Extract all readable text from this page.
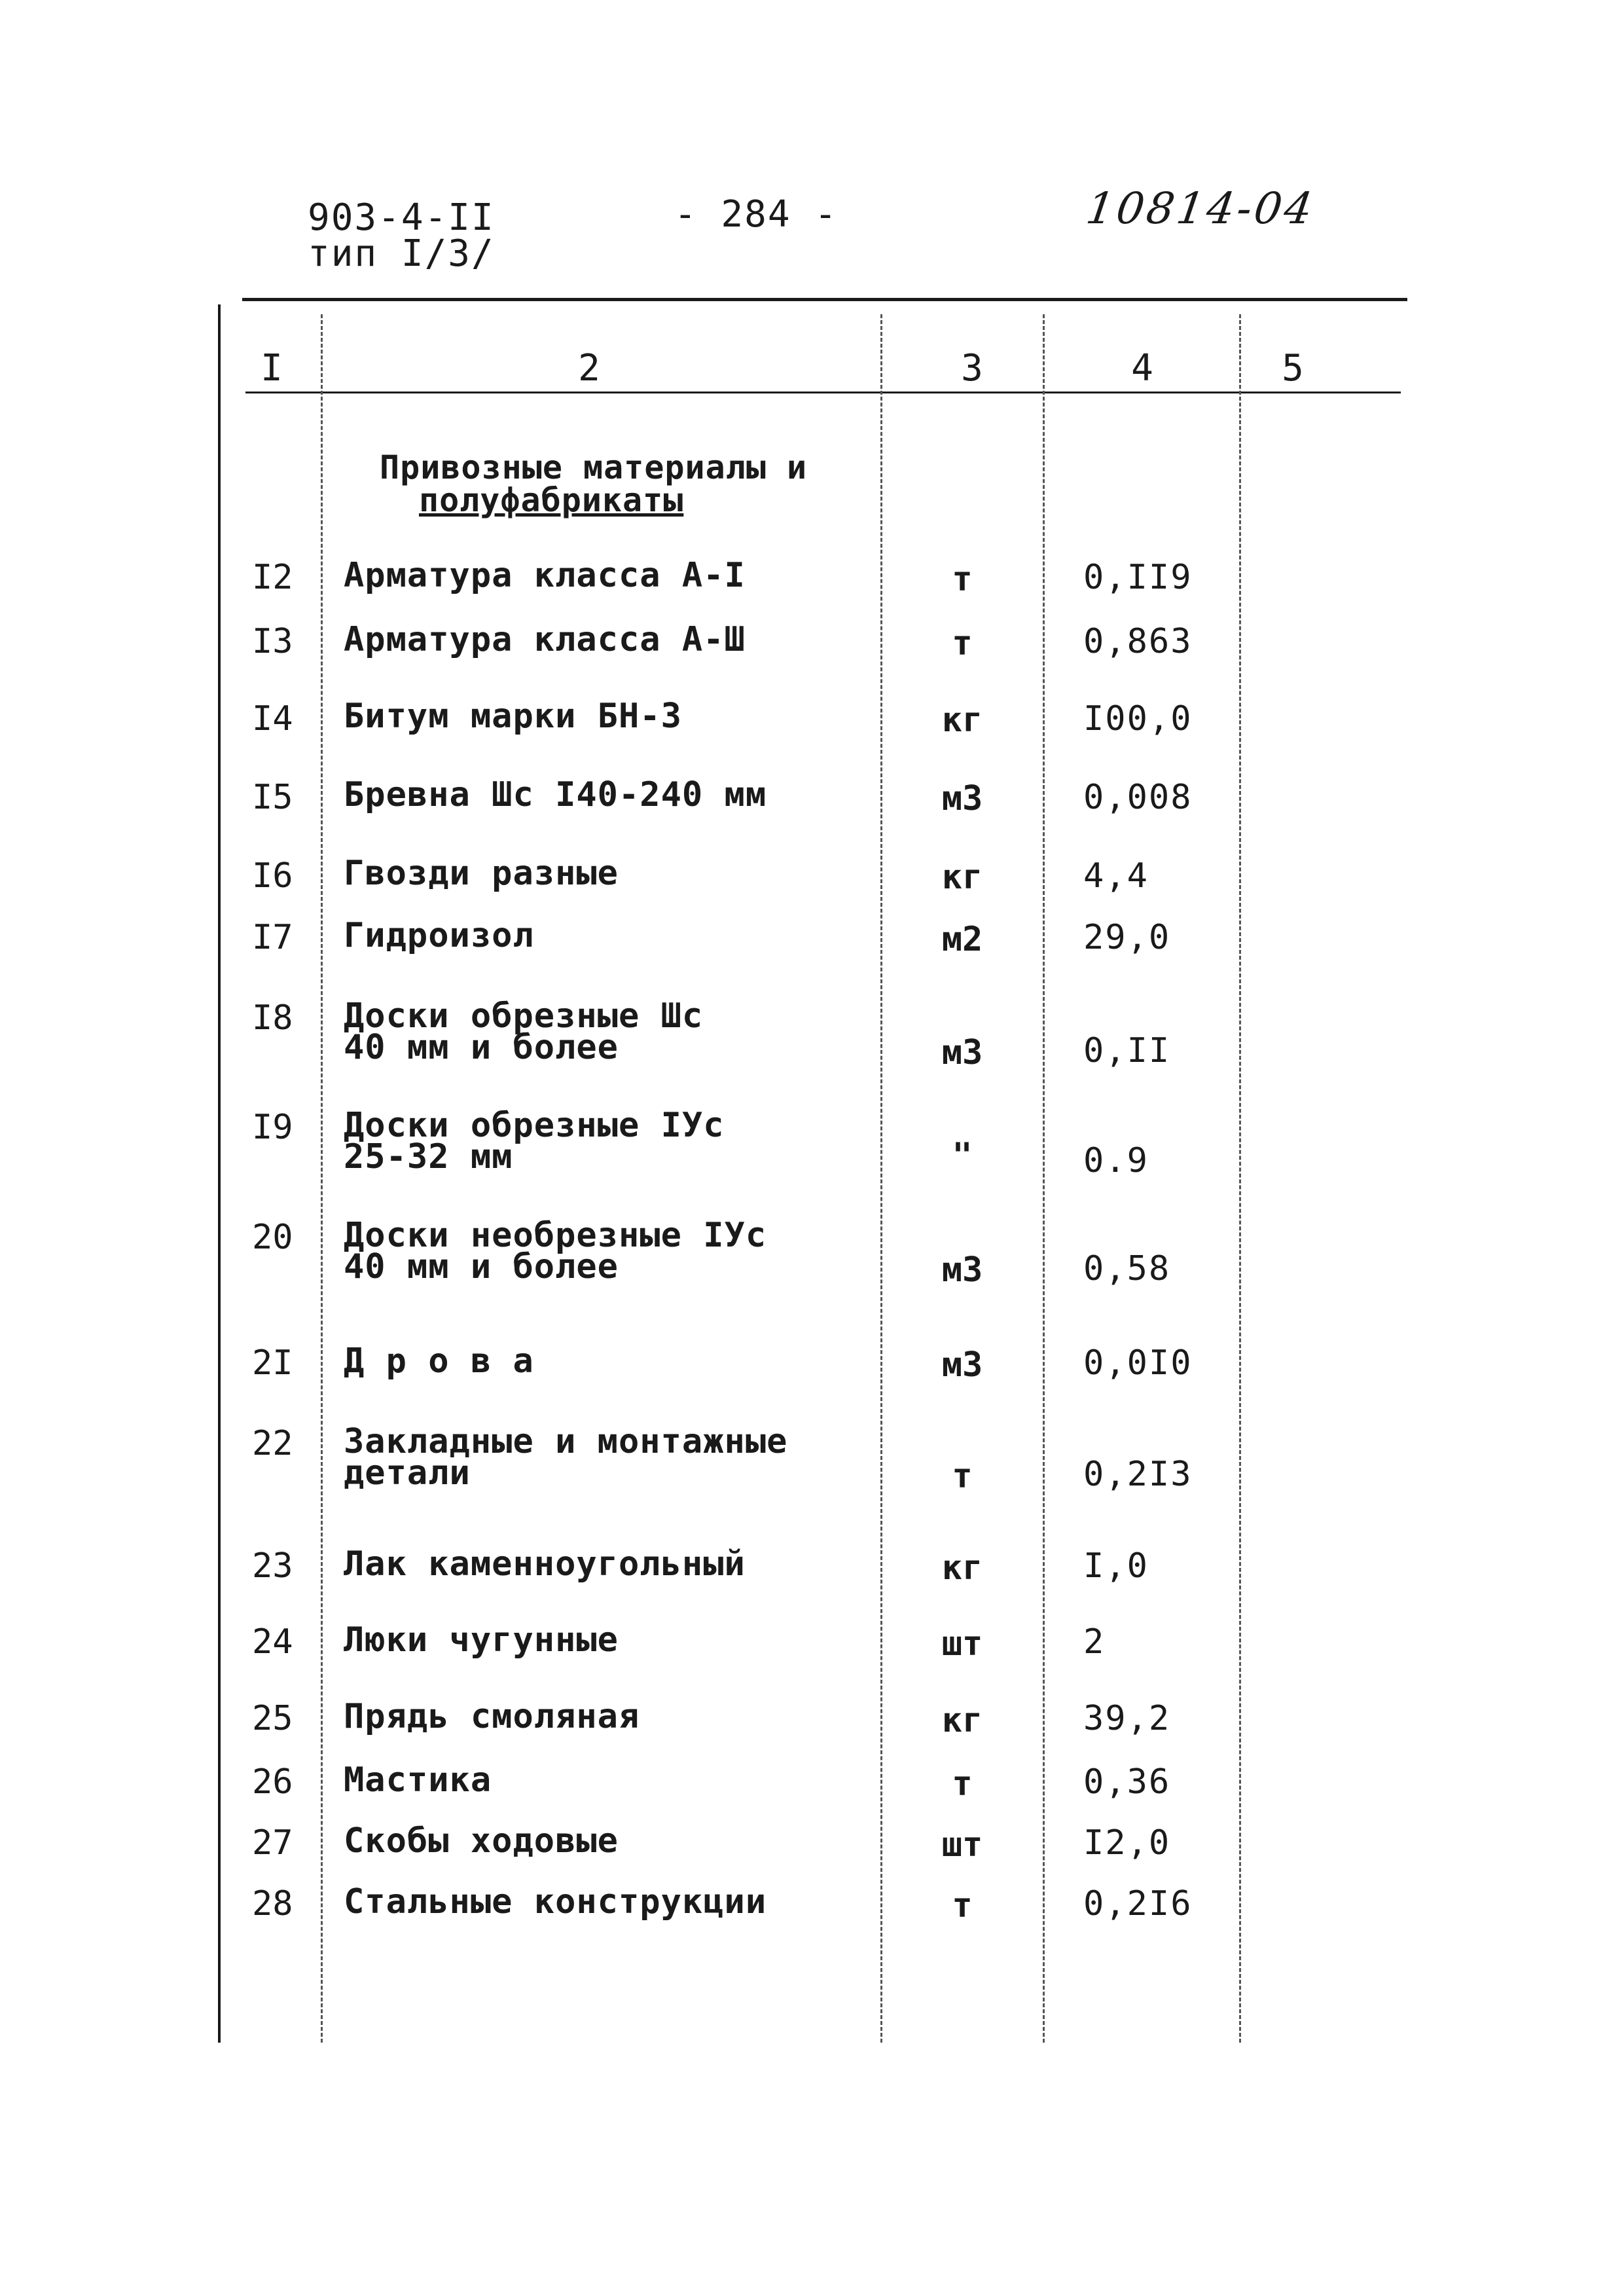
903-4-II
тип I/3/
- 284 -	10814-04
I	2	3	4	5
Привозные материалы и
полуфабрикаты
I2	Арматура класса А-I	т	0,II9
I3	Арматура класса А-Ш	т	0,863
I4	Битум марки БН-3	кг	I00,0
I5	Бревна Шс I40-240 мм	м3	0,008
I6	Гвозди разные	кг	4,4
I7	Гидроизол	м2	29,0
I8	Доски обрезные Шс
40 мм и более	м3	0,II
I9	Доски обрезные IУс
25-32 мм	"	0.9
20	Доски необрезные IУс
40 мм и более	м3	0,58
2I	Д р о в а	м3	0,0I0
22	Закладные и монтажные
детали	т	0,2I3
23	Лак каменноугольный	кг	I,0
24	Люки чугунные	шт	2
25	Прядь смоляная	кг	39,2
26	Мастика	т	0,36
27	Скобы ходовые	шт	I2,0
28	Стальные конструкции	т	0,2I6
